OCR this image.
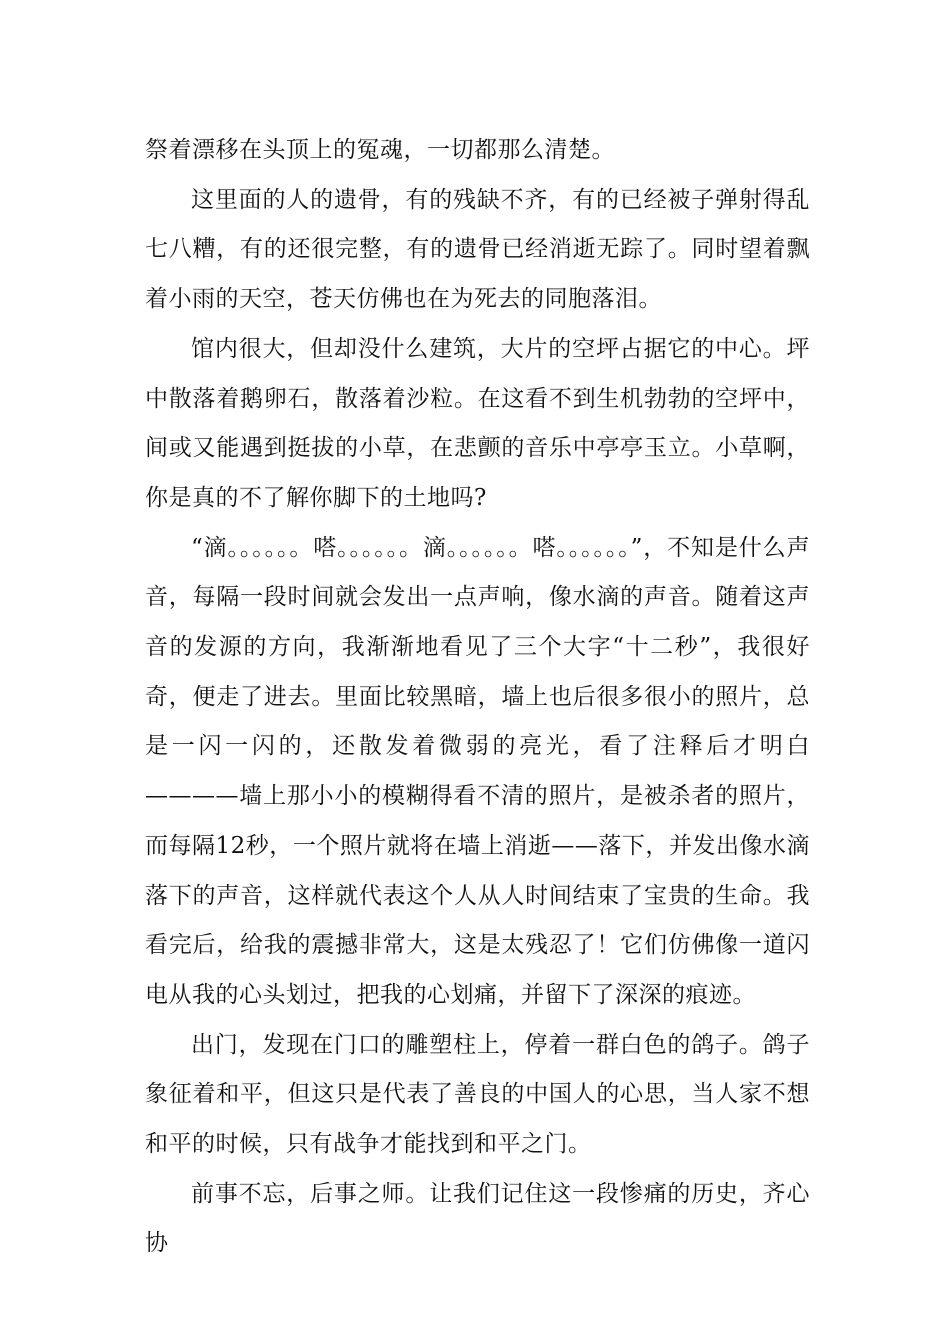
祭着漂移在头顶上的冤魂，一切都那么清楚。

这里面的人的遗骨，有的残缺不齐，有的已经被子弹射得乱七八糟，有的还很完整，有的遗骨已经消逝无踪了。同时望着飘着小雨的天空，苍天仿佛也在为死去的同胞落泪。

馆内很大，但却没什么建筑，大片的空坪占据它的中心。坪中散落着鹅卵石，散落着沙粒。在这看不到生机勃勃的空坪中，间或又能遇到挺拔的小草，在悲颤的音乐中亭亭玉立。小草啊，你是真的不了解你脚下的土地吗?

“滴。。。。。。嗒。。。。。。滴。。。。。。嗒。。。。。。”，不知是什么声音，每隔一段时间就会发出一点声响，像水滴的声音。随着这声音的发源的方向，我渐渐地看见了三个大字“十二秒”，我很好奇，便走了进去。里面比较黑暗，墙上也后很多很小的照片，总是一闪一闪的，还散发着微弱的亮光，看了注释后才明白————墙上那小小的模糊得看不清的照片，是被杀者的照片，而每隔12秒，一个照片就将在墙上消逝——落下，并发出像水滴落下的声音，这样就代表这个人从人时间结束了宝贵的生命。我看完后，给我的震撼非常大，这是太残忍了！它们仿佛像一道闪电从我的心头划过，把我的心划痛，并留下了深深的痕迹。

出门，发现在门口的雕塑柱上，停着一群白色的鸽子。鸽子象征着和平，但这只是代表了善良的中国人的心思，当人家不想和平的时候，只有战争才能找到和平之门。

前事不忘，后事之师。让我们记住这一段惨痛的历史，齐心协
